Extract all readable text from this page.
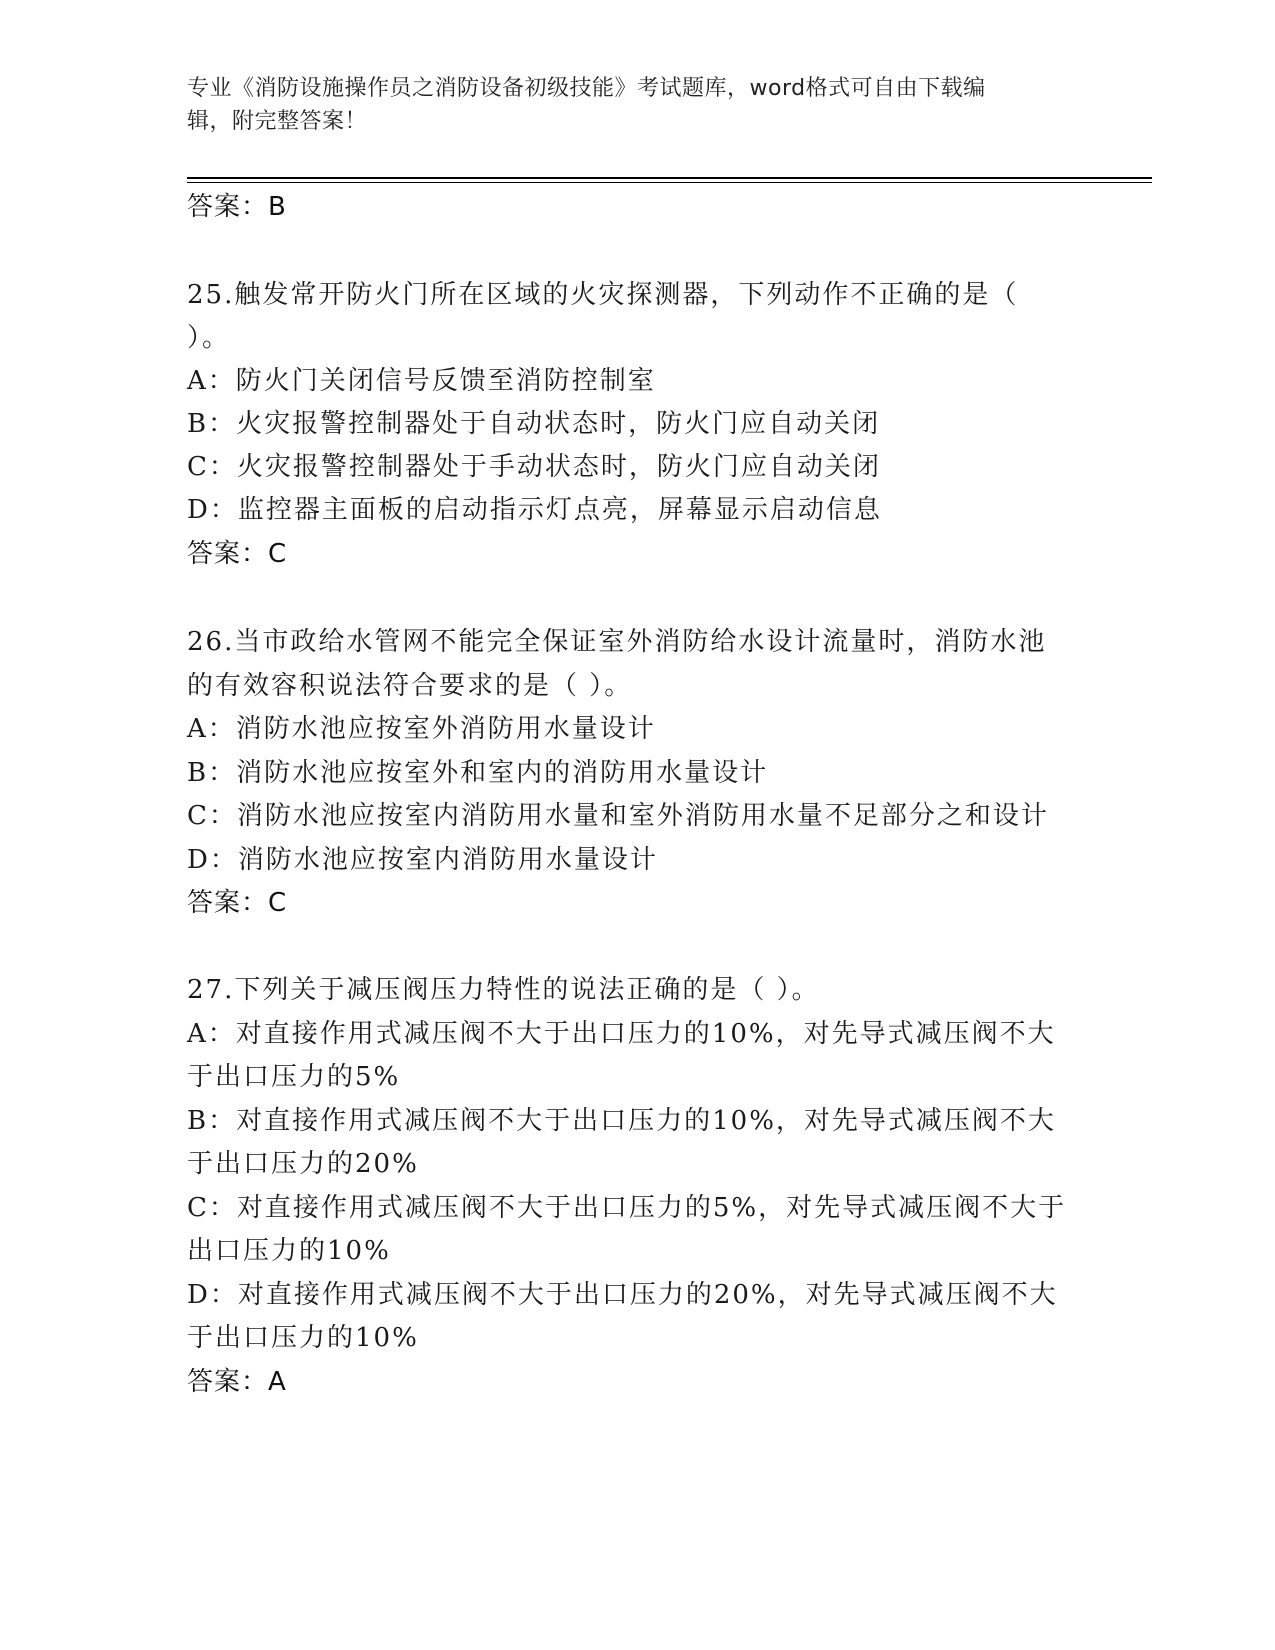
专业《消防设施操作员之消防设备初级技能》考试题库，word格式可自由下载编
辑，附完整答案！
答案：B
25.触发常开防火门所在区域的火灾探测器，下列动作不正确的是（
）。
A：防火门关闭信号反馈至消防控制室
B：火灾报警控制器处于自动状态时，防火门应自动关闭
C：火灾报警控制器处于手动状态时，防火门应自动关闭
D：监控器主面板的启动指示灯点亮，屏幕显示启动信息
答案：C
26.当市政给水管网不能完全保证室外消防给水设计流量时，消防水池
的有效容积说法符合要求的是（ ）。
A：消防水池应按室外消防用水量设计
B：消防水池应按室外和室内的消防用水量设计
C：消防水池应按室内消防用水量和室外消防用水量不足部分之和设计
D：消防水池应按室内消防用水量设计
答案：C
27.下列关于减压阀压力特性的说法正确的是（ ）。
A：对直接作用式减压阀不大于出口压力的10%，对先导式减压阀不大
于出口压力的5%
B：对直接作用式减压阀不大于出口压力的10%，对先导式减压阀不大
于出口压力的20%
C：对直接作用式减压阀不大于出口压力的5%，对先导式减压阀不大于
出口压力的10%
D：对直接作用式减压阀不大于出口压力的20%，对先导式减压阀不大
于出口压力的10%
答案：A
